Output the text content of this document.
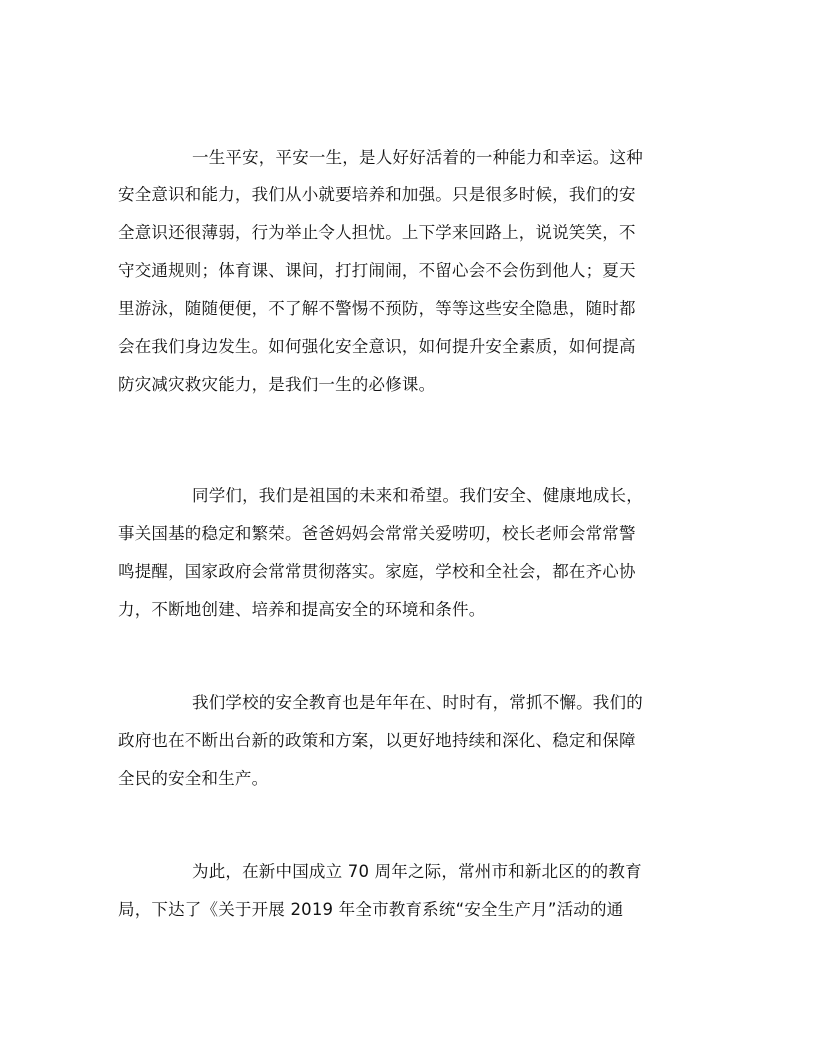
一生平安，平安一生，是人好好活着的一种能力和幸运。这种
安全意识和能力，我们从小就要培养和加强。只是很多时候，我们的安
全意识还很薄弱，行为举止令人担忧。上下学来回路上，说说笑笑，不
守交通规则；体育课、课间，打打闹闹，不留心会不会伤到他人；夏天
里游泳，随随便便，不了解不警惕不预防，等等这些安全隐患，随时都
会在我们身边发生。如何强化安全意识，如何提升安全素质，如何提高
防灾减灾救灾能力，是我们一生的必修课。
同学们，我们是祖国的未来和希望。我们安全、健康地成长，
事关国基的稳定和繁荣。爸爸妈妈会常常关爱唠叨，校长老师会常常警
鸣提醒，国家政府会常常贯彻落实。家庭，学校和全社会，都在齐心协
力，不断地创建、培养和提高安全的环境和条件。
我们学校的安全教育也是年年在、时时有，常抓不懈。我们的
政府也在不断出台新的政策和方案，以更好地持续和深化、稳定和保障
全民的安全和生产。
为此，在新中国成立 70 周年之际，常州市和新北区的的教育
局，下达了《关于开展 2019 年全市教育系统“安全生产月”活动的通
